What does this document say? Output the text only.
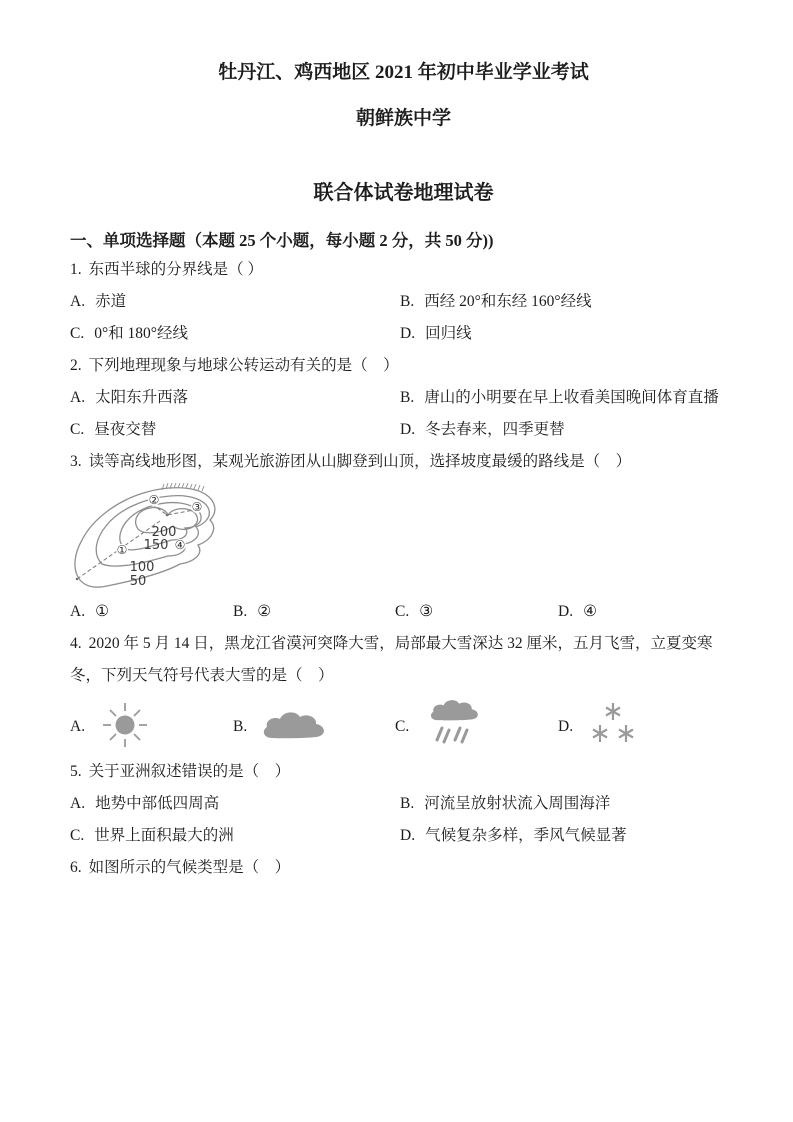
牡丹江、鸡西地区 2021 年初中毕业学业考试
朝鲜族中学
联合体试卷地理试卷
一、单项选择题（本题 25 个小题，每小题 2 分，共 50 分))
1. 东西半球的分界线是（ ）
A. 赤道	B. 西经 20°和东经 160°经线
C. 0°和 180°经线	D. 回归线
2. 下列地理现象与地球公转运动有关的是（　）
A. 太阳东升西落	B. 唐山的小明要在早上收看美国晚间体育直播
C. 昼夜交替	D. 冬去春来，四季更替
3. 读等高线地形图，某观光旅游团从山脚登到山顶，选择坡度最缓的路线是（　）
200
150
100
50
①
②	③
④
A. ①	B. ②	C. ③	D. ④
4. 2020 年 5 月 14 日，黑龙江省漠河突降大雪，局部最大雪深达 32 厘米，五月飞雪，立夏变寒冬，下列天气符号代表大雪的是（　）
A.	B.	C.	D.
5. 关于亚洲叙述错误的是（　）
A. 地势中部低四周高	B. 河流呈放射状流入周围海洋
C. 世界上面积最大的洲	D. 气候复杂多样，季风气候显著
6. 如图所示的气候类型是（　）
